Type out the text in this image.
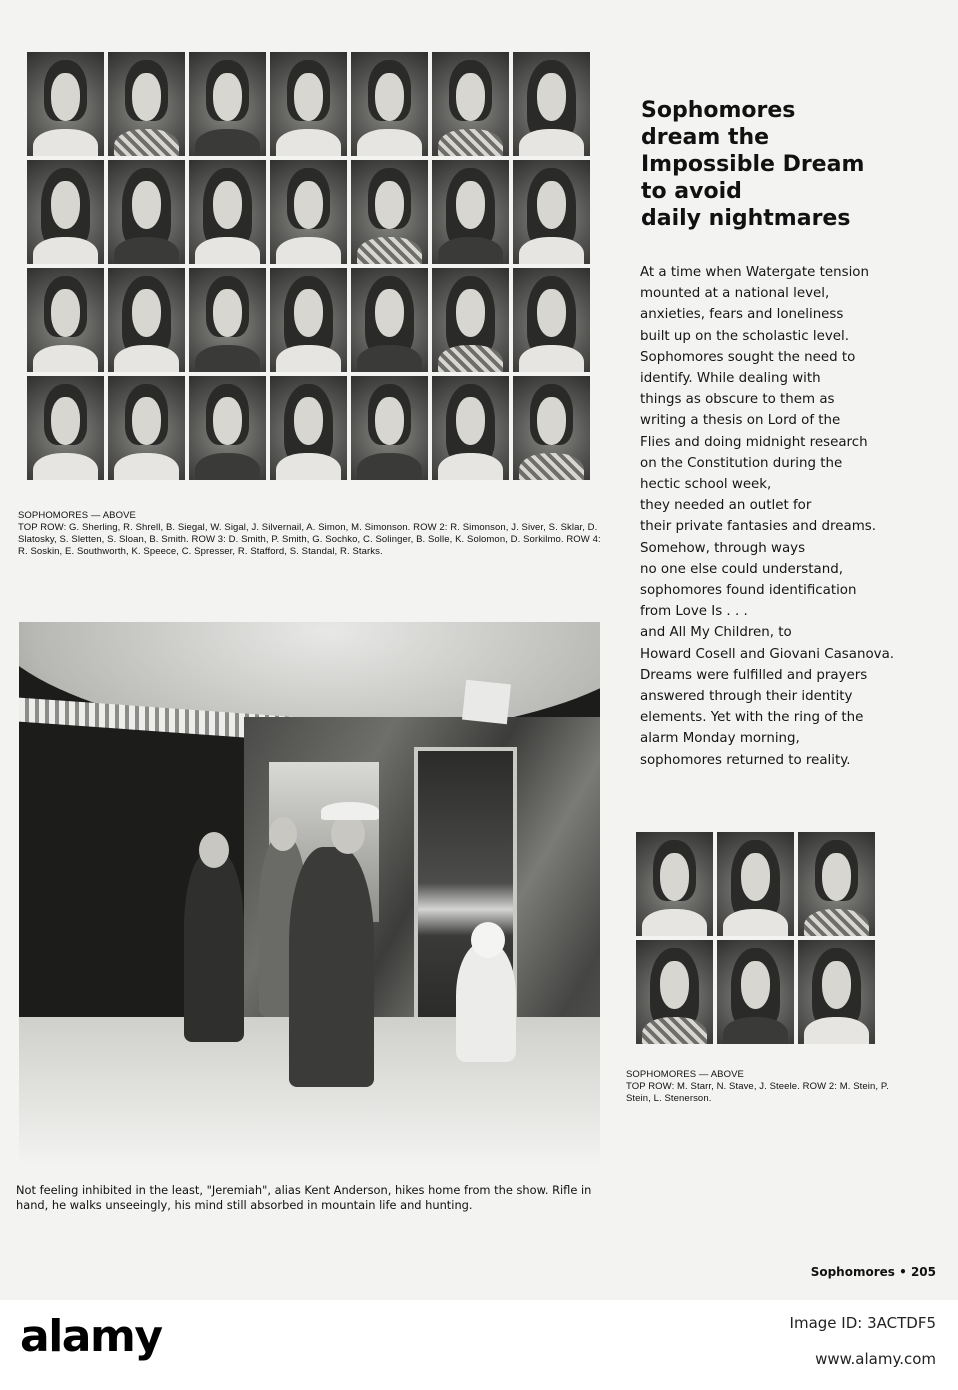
SOPHOMORES — ABOVE
TOP ROW: G. Sherling, R. Shrell, B. Siegal, W. Sigal, J. Silvernail, A. Simon, M. Simonson. ROW 2: R. Simonson, J. Siver, S. Sklar, D. Slatosky, S. Sletten, S. Sloan, B. Smith. ROW 3: D. Smith, P. Smith, G. Sochko, C. Solinger, B. Solle, K. Solomon, D. Sorkilmo. ROW 4: R. Soskin, E. Southworth, K. Speece, C. Spresser, R. Stafford, S. Standal, R. Starks.
Sophomores
dream the
Impossible Dream
to avoid
daily nightmares
At a time when Watergate tension
mounted at a national level,
anxieties, fears and loneliness
built up on the scholastic level.
Sophomores sought the need to
identify. While dealing with
things as obscure to them as
writing a thesis on Lord of the
Flies and doing midnight research
on the Constitution during the
hectic school week,
they needed an outlet for
their private fantasies and dreams.
Somehow, through ways
no one else could understand,
sophomores found identification
from Love Is . . .
and All My Children, to
Howard Cosell and Giovani Casanova.
Dreams were fulfilled and prayers
answered through their identity
elements. Yet with the ring of the
alarm Monday morning,
sophomores returned to reality.
Not feeling inhibited in the least, "Jeremiah", alias Kent Anderson, hikes home from the show. Rifle in hand, he walks unseeingly, his mind still absorbed in mountain life and hunting.
SOPHOMORES — ABOVE
TOP ROW: M. Starr, N. Stave, J. Steele. ROW 2: M. Stein, P. Stein, L. Stenerson.
Sophomores • 205
alamy	Image ID: 3ACTDF5
www.alamy.com
